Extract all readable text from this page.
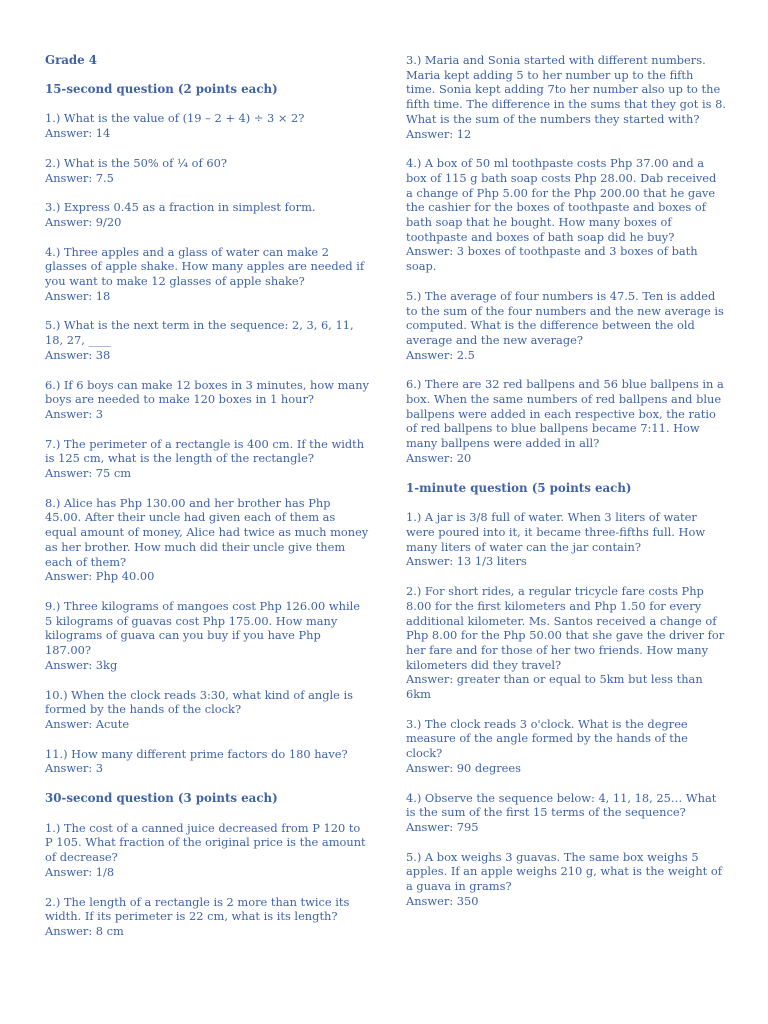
Grade 4
15-second question (2 points each)
1.) What is the value of (19 – 2 + 4) ÷ 3 × 2?
Answer: 14
2.) What is the 50% of ¼ of 60?
Answer: 7.5
3.) Express 0.45 as a fraction in simplest form.
Answer: 9/20
4.) Three apples and a glass of water can make 2 glasses of apple shake. How many apples are needed if you want to make 12 glasses of apple shake?
Answer: 18
5.) What is the next term in the sequence: 2, 3, 6, 11, 18, 27, ____
Answer: 38
6.) If 6 boys can make 12 boxes in 3 minutes, how many boys are needed to make 120 boxes in 1 hour?
Answer: 3
7.) The perimeter of a rectangle is 400 cm. If the width is 125 cm, what is the length of the rectangle?
Answer: 75 cm
8.) Alice has Php 130.00 and her brother has Php 45.00. After their uncle had given each of them as equal amount of money, Alice had twice as much money as her brother. How much did their uncle give them each of them?
Answer: Php 40.00
9.) Three kilograms of mangoes cost Php 126.00 while 5 kilograms of guavas cost Php 175.00. How many kilograms of guava can you buy if you have Php 187.00?
Answer: 3kg
10.) When the clock reads 3:30, what kind of angle is formed by the hands of the clock?
Answer: Acute
11.) How many different prime factors do 180 have?
Answer: 3
30-second question (3 points each)
1.) The cost of a canned juice decreased from P 120 to P 105. What fraction of the original price is the amount of decrease?
Answer: 1/8
2.) The length of a rectangle is 2 more than twice its width. If its perimeter is 22 cm, what is its length?
Answer: 8 cm
3.) Maria and Sonia started with different numbers. Maria kept adding 5 to her number up to the fifth time. Sonia kept adding 7to her number also up to the fifth time. The difference in the sums that they got is 8. What is the sum of the numbers they started with?
Answer: 12
4.) A box of 50 ml toothpaste costs Php 37.00 and a box of 115 g bath soap costs Php 28.00. Dab received a change of Php 5.00 for the Php 200.00 that he gave the cashier for the boxes of toothpaste and boxes of bath soap that he bought. How many boxes of toothpaste and boxes of bath soap did he buy?
Answer: 3 boxes of toothpaste and 3 boxes of bath soap.
5.) The average of four numbers is 47.5. Ten is added to the sum of the four numbers and the new average is computed. What is the difference between the old average and the new average?
Answer: 2.5
6.) There are 32 red ballpens and 56 blue ballpens in a box. When the same numbers of red ballpens and blue ballpens were added in each respective box, the ratio of red ballpens to blue ballpens became 7:11. How many ballpens were added in all?
Answer: 20
1-minute question (5 points each)
1.) A jar is 3/8 full of water. When 3 liters of water were poured into it, it became three-fifths full. How many liters of water can the jar contain?
Answer: 13 1/3 liters
2.) For short rides, a regular tricycle fare costs Php 8.00 for the first kilometers and Php 1.50 for every additional kilometer. Ms. Santos received a change of Php 8.00 for the Php 50.00 that she gave the driver for her fare and for those of her two friends. How many kilometers did they travel?
Answer: greater than or equal to 5km but less than 6km
3.) The clock reads 3 o'clock. What is the degree measure of the angle formed by the hands of the clock?
Answer: 90 degrees
4.) Observe the sequence below: 4, 11, 18, 25… What is the sum of the first 15 terms of the sequence?
Answer: 795
5.) A box weighs 3 guavas. The same box weighs 5 apples. If an apple weighs 210 g, what is the weight of a guava in grams?
Answer: 350
